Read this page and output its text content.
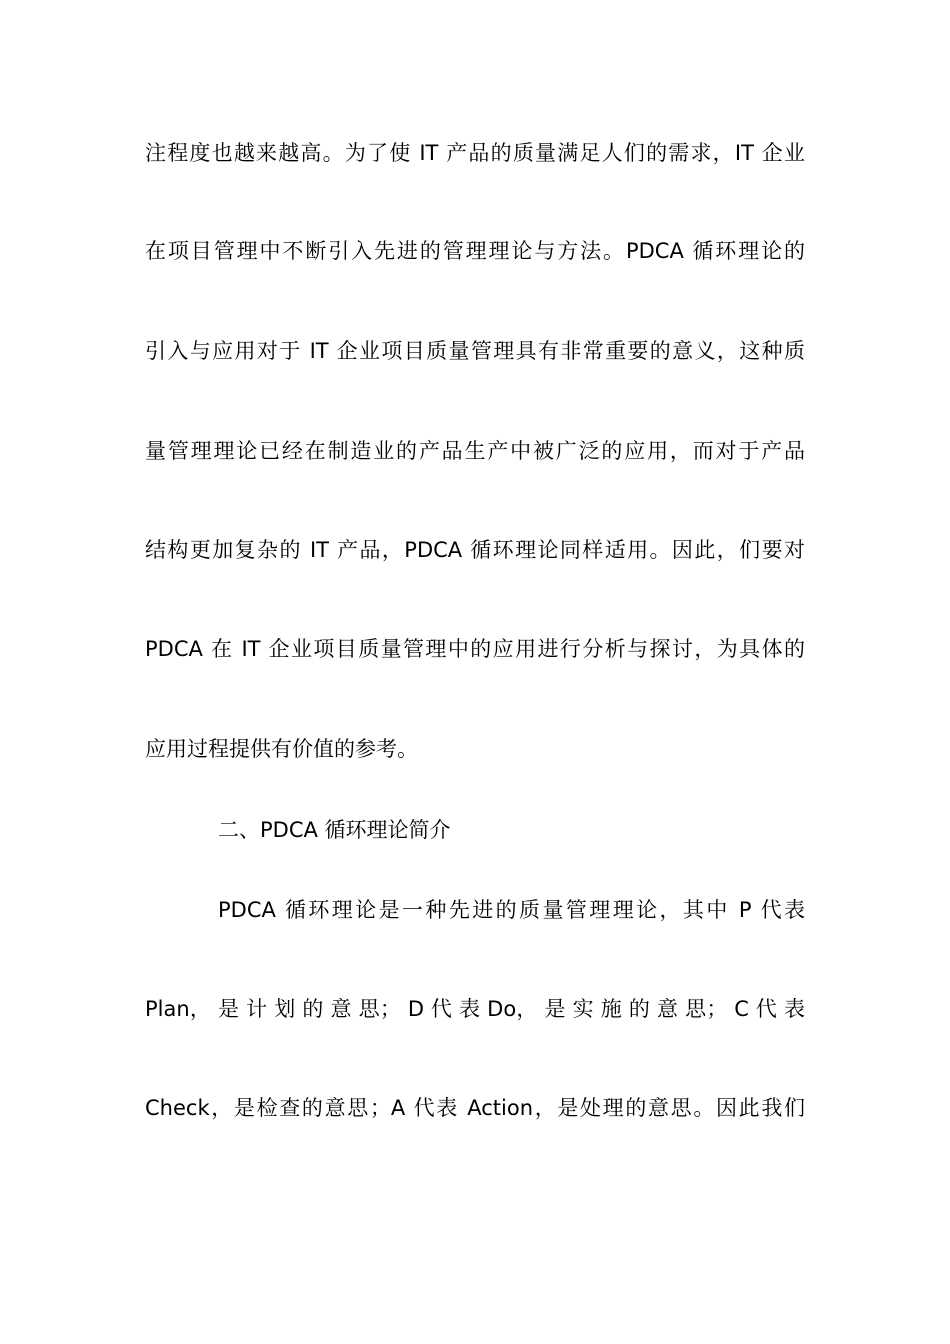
注程度也越来越高。为了使 IT 产品的质量满足人们的需求，IT 企业
在项目管理中不断引入先进的管理理论与方法。PDCA 循环理论的
引入与应用对于 IT 企业项目质量管理具有非常重要的意义，这种质
量管理理论已经在制造业的产品生产中被广泛的应用，而对于产品
结构更加复杂的 IT 产品，PDCA 循环理论同样适用。因此，们要对
PDCA 在 IT 企业项目质量管理中的应用进行分析与探讨，为具体的
应用过程提供有价值的参考。
二、PDCA 循环理论简介
PDCA 循环理论是一种先进的质量管理理论，其中 P 代表
Plan， 是 计 划 的 意 思； D 代 表 Do， 是 实 施 的 意 思； C 代 表
Check，是检查的意思；A 代表 Action，是处理的意思。因此我们
